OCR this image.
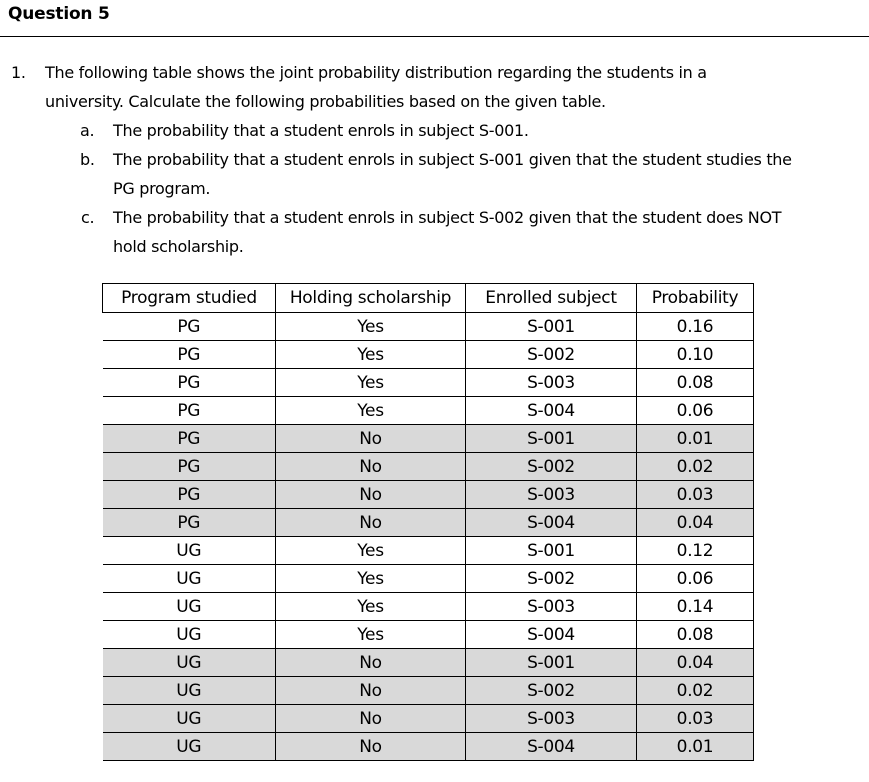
Question 5
1. The following table shows the joint probability distribution regarding the students in a
university. Calculate the following probabilities based on the given table.
a. The probability that a student enrols in subject S-001.
b. The probability that a student enrols in subject S-001 given that the student studies the
PG program.
c. The probability that a student enrols in subject S-002 given that the student does NOT
hold scholarship.
Program studied	Holding scholarship	Enrolled subject	Probability
PG	Yes	S-001	0.16
PG	Yes	S-002	0.10
PG	Yes	S-003	0.08
PG	Yes	S-004	0.06
PG	No	S-001	0.01
PG	No	S-002	0.02
PG	No	S-003	0.03
PG	No	S-004	0.04
UG	Yes	S-001	0.12
UG	Yes	S-002	0.06
UG	Yes	S-003	0.14
UG	Yes	S-004	0.08
UG	No	S-001	0.04
UG	No	S-002	0.02
UG	No	S-003	0.03
UG	No	S-004	0.01
